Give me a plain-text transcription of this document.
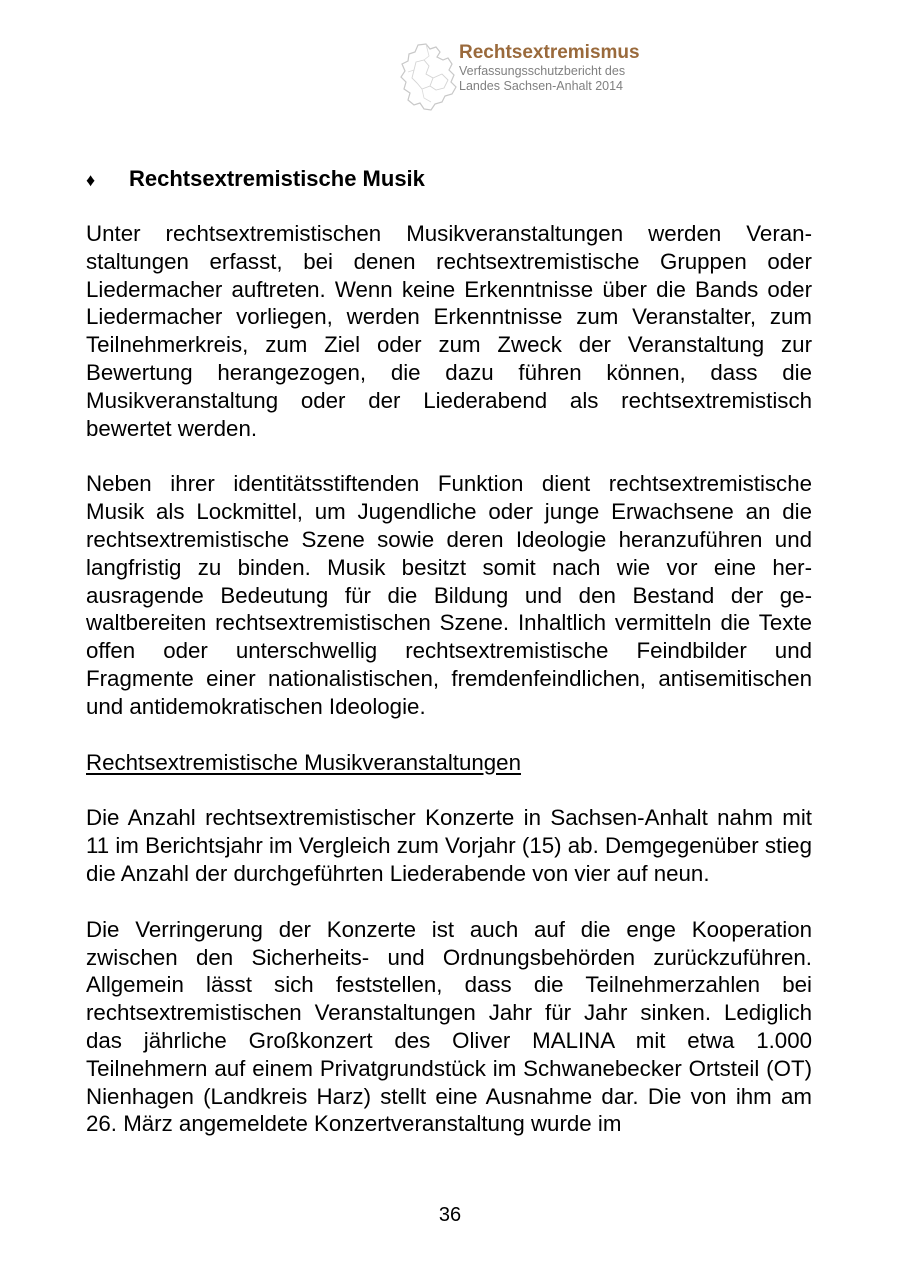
Rechtsextremismus
Verfassungsschutzbericht des
Landes Sachsen-Anhalt 2014
♦	Rechtsextremistische Musik

Unter rechtsextremistischen Musikveranstaltungen werden Veranstaltungen erfasst, bei denen rechtsextremistische Gruppen oder Liedermacher auftreten. Wenn keine Erkenntnisse über die Bands oder Liedermacher vorliegen, werden Erkenntnisse zum Veranstalter, zum Teilnehmerkreis, zum Ziel oder zum Zweck der Veranstaltung zur Bewertung herangezogen, die dazu führen können, dass die Musikveranstaltung oder der Liederabend als rechtsextremistisch bewertet werden.

Neben ihrer identitätsstiftenden Funktion dient rechtsextremistische Musik als Lockmittel, um Jugendliche oder junge Erwachsene an die rechtsextremistische Szene sowie deren Ideologie heranzuführen und langfristig zu binden. Musik besitzt somit nach wie vor eine herausragende Bedeutung für die Bildung und den Bestand der gewaltbereiten rechtsextremistischen Szene. Inhaltlich vermitteln die Texte offen oder unterschwellig rechtsextremistische Feindbilder und Fragmente einer nationalistischen, fremdenfeindlichen, antisemitischen und antidemokratischen Ideologie.

Rechtsextremistische Musikveranstaltungen

Die Anzahl rechtsextremistischer Konzerte in Sachsen-Anhalt nahm mit 11 im Berichtsjahr im Vergleich zum Vorjahr (15) ab. Demgegenüber stieg die Anzahl der durchgeführten Liederabende von vier auf neun.

Die Verringerung der Konzerte ist auch auf die enge Kooperation zwischen den Sicherheits- und Ordnungsbehörden zurückzuführen. Allgemein lässt sich feststellen, dass die Teilnehmerzahlen bei rechtsextremistischen Veranstaltungen Jahr für Jahr sinken. Lediglich das jährliche Großkonzert des Oliver MALINA mit etwa 1.000 Teilnehmern auf einem Privatgrundstück im Schwanebecker Ortsteil (OT) Nienhagen (Landkreis Harz) stellt eine Ausnahme dar. Die von ihm am 26. März angemeldete Konzertveranstaltung wurde im

36
